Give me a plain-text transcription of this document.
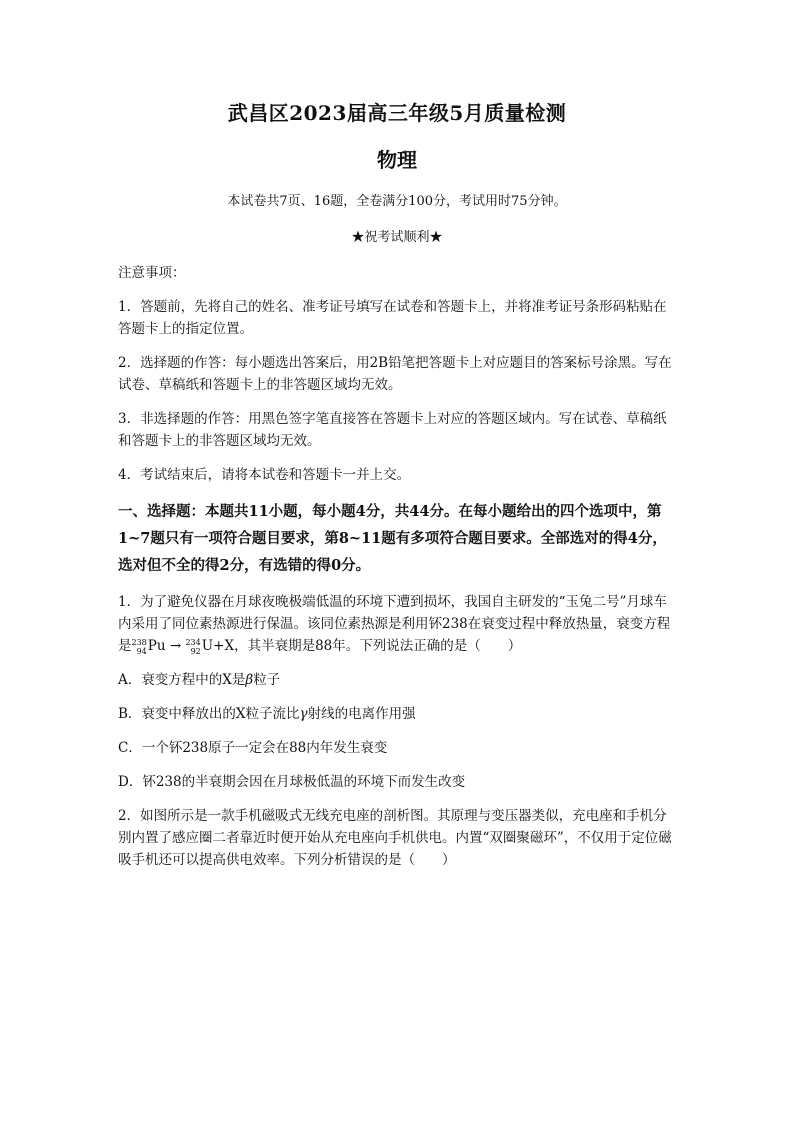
武昌区2023届高三年级5月质量检测
物理
本试卷共7页、16题，全卷满分100分，考试用时75分钟。
★祝考试顺利★

注意事项：

1．答题前，先将自己的姓名、准考证号填写在试卷和答题卡上，并将准考证号条形码粘贴在答题卡上的指定位置。

2．选择题的作答：每小题选出答案后，用2B铅笔把答题卡上对应题目的答案标号涂黑。写在试卷、草稿纸和答题卡上的非答题区域均无效。

3．非选择题的作答：用黑色签字笔直接答在答题卡上对应的答题区域内。写在试卷、草稿纸和答题卡上的非答题区域均无效。

4．考试结束后，请将本试卷和答题卡一并上交。

一、选择题：本题共11小题，每小题4分，共44分。在每小题给出的四个选项中，第1~7题只有一项符合题目要求，第8~11题有多项符合题目要求。全部选对的得4分，选对但不全的得2分，有选错的得0分。

1．为了避免仪器在月球夜晚极端低温的环境下遭到损坏，我国自主研发的“玉兔二号”月球车内采用了同位素热源进行保温。该同位素热源是利用钚238在衰变过程中释放热量，衰变方程是 238
94 Pu → 234
92 U+X，其半衰期是88年。下列说法正确的是（　　）

A．衰变方程中的X是β粒子

B．衰变中释放出的X粒子流比γ射线的电离作用强

C．一个钚238原子一定会在88内年发生衰变

D．钚238的半衰期会因在月球极低温的环境下而发生改变

2．如图所示是一款手机磁吸式无线充电座的剖析图。其原理与变压器类似，充电座和手机分别内置了感应圈二者靠近时便开始从充电座向手机供电。内置“双圈聚磁环”，不仅用于定位磁吸手机还可以提高供电效率。下列分析错误的是（　　）
